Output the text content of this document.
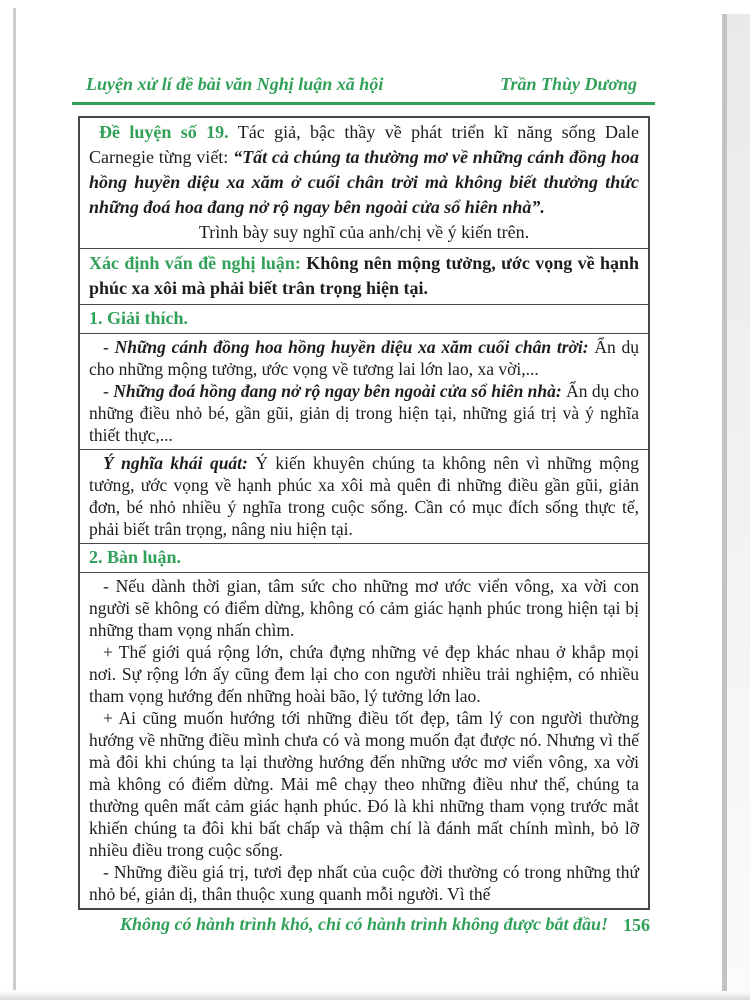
Luyện xử lí đề bài văn Nghị luận xã hội	Trần Thùy Dương

Đề luyện số 19. Tác giả, bậc thầy về phát triển kĩ năng sống Dale Carnegie từng viết: “Tất cả chúng ta thường mơ về những cánh đồng hoa hồng huyền diệu xa xăm ở cuối chân trời mà không biết thưởng thức những đoá hoa đang nở rộ ngay bên ngoài cửa sổ hiên nhà”.

Trình bày suy nghĩ của anh/chị về ý kiến trên.

Xác định vấn đề nghị luận: Không nên mộng tưởng, ước vọng về hạnh phúc xa xôi mà phải biết trân trọng hiện tại.
1. Giải thích.

- Những cánh đồng hoa hồng huyền diệu xa xăm cuối chân trời: Ẩn dụ cho những mộng tưởng, ước vọng về tương lai lớn lao, xa vời,...

- Những đoá hồng đang nở rộ ngay bên ngoài cửa sổ hiên nhà: Ẩn dụ cho những điều nhỏ bé, gần gũi, giản dị trong hiện tại, những giá trị và ý nghĩa thiết thực,...

Ý nghĩa khái quát: Ý kiến khuyên chúng ta không nên vì những mộng tưởng, ước vọng về hạnh phúc xa xôi mà quên đi những điều gần gũi, giản đơn, bé nhỏ nhiều ý nghĩa trong cuộc sống. Cần có mục đích sống thực tế, phải biết trân trọng, nâng niu hiện tại.

2. Bàn luận.

- Nếu dành thời gian, tâm sức cho những mơ ước viển vông, xa vời con người sẽ không có điểm dừng, không có cảm giác hạnh phúc trong hiện tại bị những tham vọng nhấn chìm.

+ Thế giới quá rộng lớn, chứa đựng những vẻ đẹp khác nhau ở khắp mọi nơi. Sự rộng lớn ấy cũng đem lại cho con người nhiều trải nghiệm, có nhiều tham vọng hướng đến những hoài bão, lý tưởng lớn lao.

+ Ai cũng muốn hướng tới những điều tốt đẹp, tâm lý con người thường hướng về những điều mình chưa có và mong muốn đạt được nó. Nhưng vì thế mà đôi khi chúng ta lại thường hướng đến những ước mơ viển vông, xa vời mà không có điểm dừng. Mải mê chạy theo những điều như thế, chúng ta thường quên mất cảm giác hạnh phúc. Đó là khi những tham vọng trước mắt khiến chúng ta đôi khi bất chấp và thậm chí là đánh mất chính mình, bỏ lỡ nhiều điều trong cuộc sống.

- Những điều giá trị, tươi đẹp nhất của cuộc đời thường có trong những thứ nhỏ bé, giản dị, thân thuộc xung quanh mỗi người. Vì thế

Không có hành trình khó, chỉ có hành trình không được bắt đầu! 156
